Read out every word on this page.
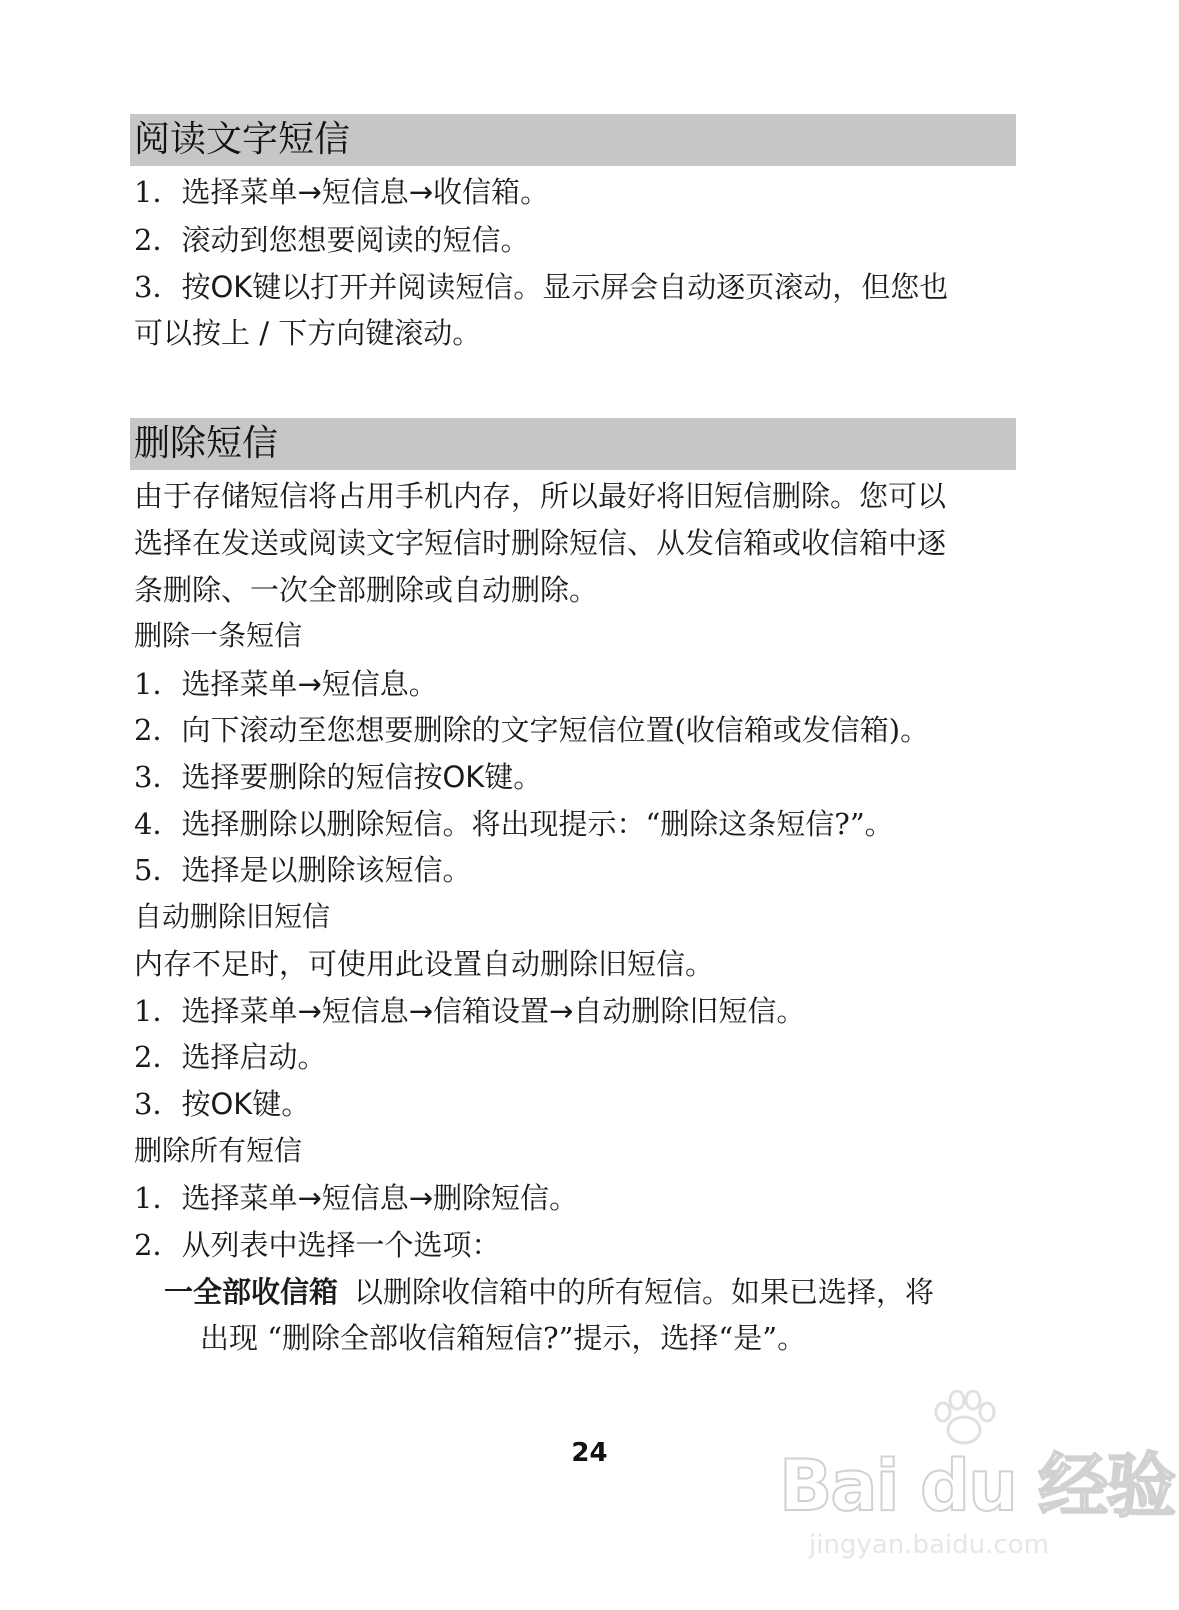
阅读文字短信
1．选择菜单→短信息→收信箱。
2．滚动到您想要阅读的短信。
3．按OK键以打开并阅读短信。显示屏会自动逐页滚动，但您也
可以按上 / 下方向键滚动。
删除短信
由于存储短信将占用手机内存，所以最好将旧短信删除。您可以
选择在发送或阅读文字短信时删除短信、从发信箱或收信箱中逐
条删除、一次全部删除或自动删除。
删除一条短信
1．选择菜单→短信息。
2．向下滚动至您想要删除的文字短信位置(收信箱或发信箱)。
3．选择要删除的短信按OK键。
4．选择删除以删除短信。将出现提示：“删除这条短信?”。
5．选择是以删除该短信。
自动删除旧短信
内存不足时，可使用此设置自动删除旧短信。
1．选择菜单→短信息→信箱设置→自动删除旧短信。
2．选择启动。
3．按OK键。
删除所有短信
1．选择菜单→短信息→删除短信。
2．从列表中选择一个选项：
一全部收信箱 以删除收信箱中的所有短信。如果已选择，将
出现 “删除全部收信箱短信?”提示，选择“是”。
24	Bai du 经验
jingyan.baidu.com
